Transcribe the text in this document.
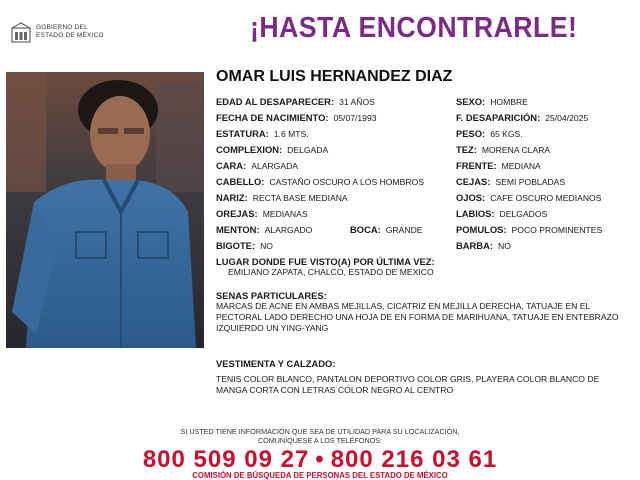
GOBIERNO DEL
ESTADO DE MÉXICO	¡HASTA ENCONTRARLE!
OMAR LUIS HERNANDEZ DIAZ
EDAD AL DESAPARECER: 31 AÑOS
FECHA DE NACIMIENTO: 05/07/1993
ESTATURA: 1.6 MTS.
COMPLEXION: DELGADA
CARA: ALARGADA
CABELLO: CASTAÑO OSCURO A LOS HOMBROS
NARIZ: RECTA BASE MEDIANA
OREJAS: MEDIANAS
MENTON: ALARGADO	BOCA: GRANDE
BIGOTE: NO
SEXO: HOMBRE
F. DESAPARICIÓN: 25/04/2025
PESO: 65 KGS.
TEZ: MORENA CLARA
FRENTE: MEDIANA
CEJAS: SEMI POBLADAS
OJOS: CAFE OSCURO MEDIANOS
LABIOS: DELGADOS
POMULOS: POCO PROMINENTES
BARBA: NO
LUGAR DONDE FUE VISTO(A) POR ÚLTIMA VEZ:
EMILIANO ZAPATA, CHALCO, ESTADO DE MEXICO
SENAS PARTICULARES:
MARCAS DE ACNE EN AMBAS MEJILLAS, CICATRIZ EN MEJILLA DERECHA, TATUAJE EN EL PECTORAL LADO DERECHO UNA HOJA DE EN FORMA DE MARIHUANA, TATUAJE EN ENTEBRAZO IZQUIERDO UN YING-YANG
VESTIMENTA Y CALZADO:
TENIS COLOR BLANCO, PANTALON DEPORTIVO COLOR GRIS, PLAYERA COLOR BLANCO DE MANGA CORTA CON LETRAS COLOR NEGRO AL CENTRO
SI USTED TIENE INFORMACIÓN QUE SEA DE UTILIDAD PARA SU LOCALIZACIÓN,
COMUNÍQUESE A LOS TELÉFONOS:
800 509 09 27 • 800 216 03 61
COMISIÓN DE BÚSQUEDA DE PERSONAS DEL ESTADO DE MÉXICO
